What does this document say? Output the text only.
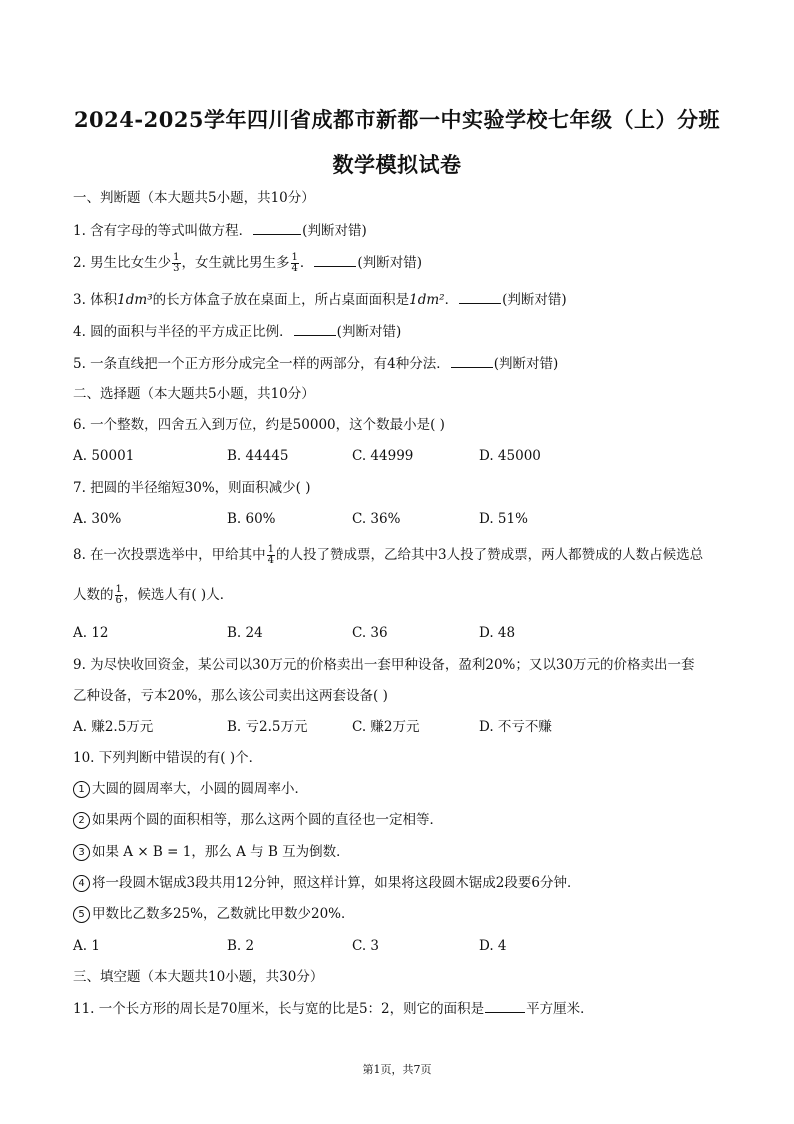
2024-2025学年四川省成都市新都一中实验学校七年级（上）分班
数学模拟试卷
一、判断题（本大题共5小题，共10分）
1. 含有字母的等式叫做方程．	(判断对错)
2. 男生比女生少 $\frac{1}{3}$ ，女生就比男生多 $\frac{1}{4}$ ．	(判断对错)
3. 体积1dm³的长方体盒子放在桌面上，所占桌面面积是1dm²．	(判断对错)
4. 圆的面积与半径的平方成正比例．	(判断对错)
5. 一条直线把一个正方形分成完全一样的两部分，有4种分法．	(判断对错)
二、选择题（本大题共5小题，共10分）
6. 一个整数，四舍五入到万位，约是50000，这个数最小是( )
A. 50001	B. 44445	C. 44999	D. 45000
7. 把圆的半径缩短30%，则面积减少( )
A. 30%	B. 60%	C. 36%	D. 51%
8. 在一次投票选举中，甲给其中 $\frac{1}{4}$ 的人投了赞成票，乙给其中3人投了赞成票，两人都赞成的人数占候选总
人数的 $\frac{1}{6}$ ，候选人有( )人．
A. 12	B. 24	C. 36	D. 48
9. 为尽快收回资金，某公司以30万元的价格卖出一套甲种设备，盈利20%；又以30万元的价格卖出一套
乙种设备，亏本20%，那么该公司卖出这两套设备( )
A. 赚2.5万元	B. 亏2.5万元	C. 赚2万元	D. 不亏不赚
10. 下列判断中错误的有( )个．
1 大圆的圆周率大，小圆的圆周率小．
2 如果两个圆的面积相等，那么这两个圆的直径也一定相等．
3 如果 A × B = 1，那么 A 与 B 互为倒数．
4 将一段圆木锯成3段共用12分钟，照这样计算，如果将这段圆木锯成2段要6分钟．
5 甲数比乙数多25%，乙数就比甲数少20%．
A. 1	B. 2	C. 3	D. 4
三、填空题（本大题共10小题，共30分）
11. 一个长方形的周长是70厘米，长与宽的比是5：2，则它的面积是	平方厘米．
第1页，共7页
